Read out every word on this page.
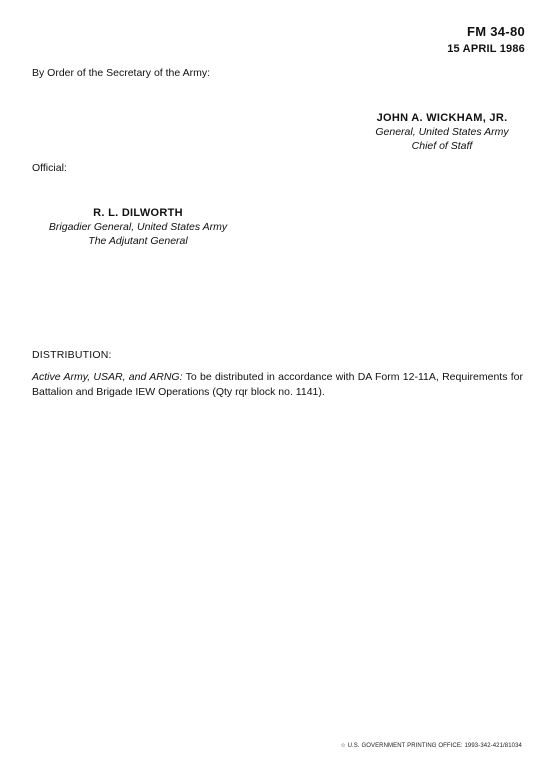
FM 34-80
15 APRIL 1986
By Order of the Secretary of the Army:
JOHN A. WICKHAM, JR.
General, United States Army
Chief of Staff
Official:
R. L. DILWORTH
Brigadier General, United States Army
The Adjutant General
DISTRIBUTION:
Active Army, USAR, and ARNG: To be distributed in accordance with DA Form 12-11A, Requirements for Battalion and Brigade IEW Operations (Qty rqr block no. 1141).
☆ U.S. GOVERNMENT PRINTING OFFICE: 1993-342-421/81034
